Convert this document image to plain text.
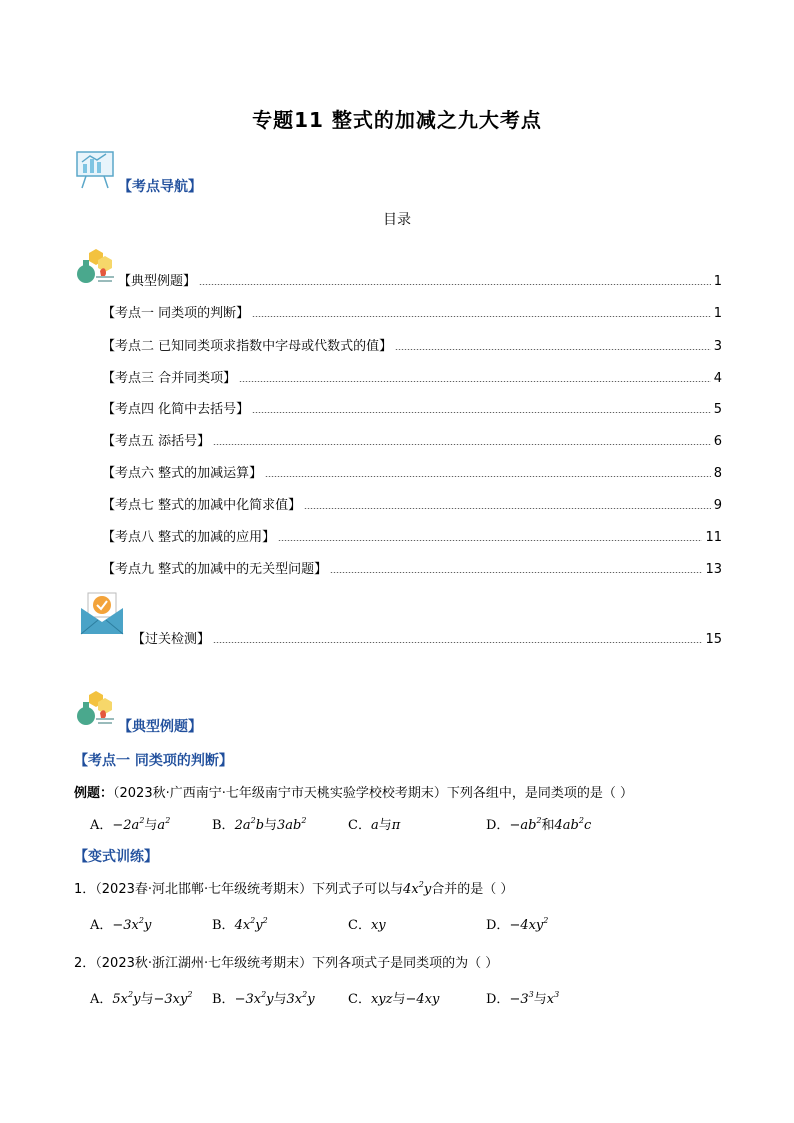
专题11 整式的加减之九大考点
【考点导航】
目录
【典型例题】	1
【考点一 同类项的判断】	1
【考点二 已知同类项求指数中字母或代数式的值】	3
【考点三 合并同类项】	4
【考点四 化简中去括号】	5
【考点五 添括号】	6
【考点六 整式的加减运算】	8
【考点七 整式的加减中化简求值】	9
【考点八 整式的加减的应用】	11
【考点九 整式的加减中的无关型问题】	13
【过关检测】	15
【典型例题】
【考点一 同类项的判断】
例题：（2023秋·广西南宁·七年级南宁市天桃实验学校校考期末）下列各组中，是同类项的是（ ）
A．$-2a^2$与$a^2$	B．$2a^2b$与$3ab^2$	C．a与π	D．$-ab^2$和$4ab^2c$
【变式训练】
1．（2023春·河北邯郸·七年级统考期末）下列式子可以与$4x^2y$合并的是（ ）
A．$-3x^2y$	B．$4x^2y^2$	C．xy	D．$-4xy^2$
2．（2023秋·浙江湖州·七年级统考期末）下列各项式子是同类项的为（ ）
A．$5x^2y$与$-3xy^2$ B．$-3x^2y$与$3x^2y$	C．xyz与−4xy	D．$-3^3$与$x^3$
